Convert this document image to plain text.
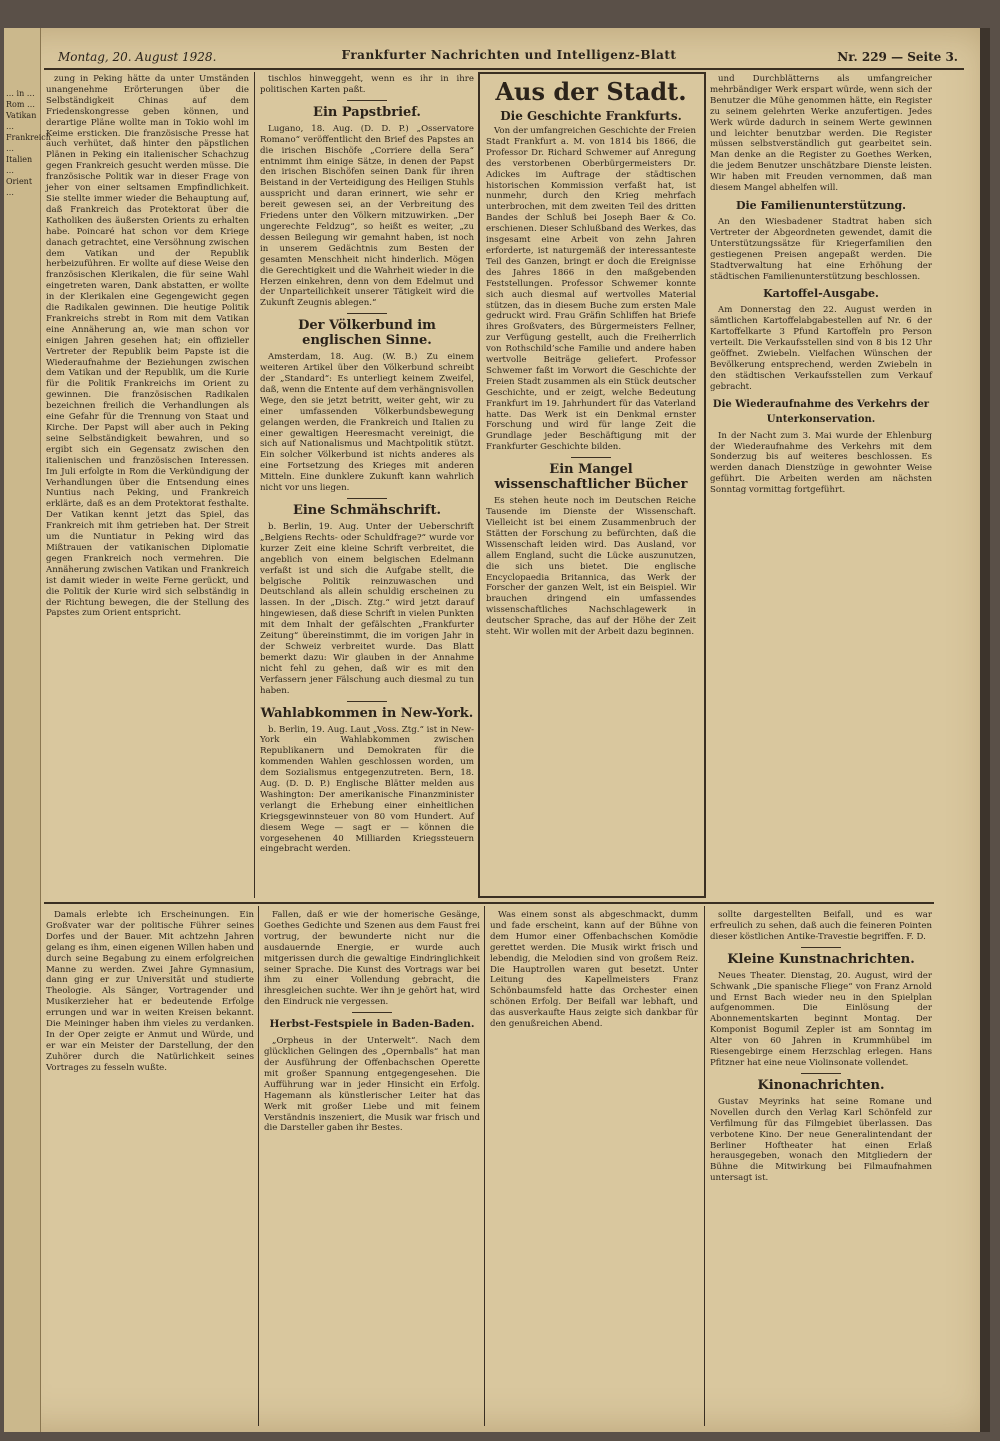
… in … Rom … Vatikan … Frankreich … Italien … Orient …
Montag, 20. August 1928.	Frankfurter Nachrichten und Intelligenz-Blatt	Nr. 229 — Seite 3.

zung in Peking hätte da unter Umständen unangenehme Erörterungen über die Selbständigkeit Chinas auf dem Friedenskongresse geben können, und derartige Pläne wollte man in Tokio wohl im Keime ersticken. Die französische Presse hat auch verhütet, daß hinter den päpstlichen Plänen in Peking ein italienischer Schachzug gegen Frankreich gesucht werden müsse. Die französische Politik war in dieser Frage von jeher von einer seltsamen Empfindlichkeit. Sie stellte immer wieder die Behauptung auf, daß Frankreich das Protektorat über die Katholiken des äußersten Orients zu erhalten habe. Poincaré hat schon vor dem Kriege danach getrachtet, eine Versöhnung zwischen dem Vatikan und der Republik herbeizuführen. Er wollte auf diese Weise den französischen Klerikalen, die für seine Wahl eingetreten waren, Dank abstatten, er wollte in der Klerikalen eine Gegengewicht gegen die Radikalen gewinnen. Die heutige Politik Frankreichs strebt in Rom mit dem Vatikan eine Annäherung an, wie man schon vor einigen Jahren gesehen hat; ein offizieller Vertreter der Republik beim Papste ist die Wiederaufnahme der Beziehungen zwischen dem Vatikan und der Republik, um die Kurie für die Politik Frankreichs im Orient zu gewinnen. Die französischen Radikalen bezeichnen freilich die Verhandlungen als eine Gefahr für die Trennung von Staat und Kirche. Der Papst will aber auch in Peking seine Selbständigkeit bewahren, und so ergibt sich ein Gegensatz zwischen den italienischen und französischen Interessen. Im Juli erfolgte in Rom die Verkündigung der Verhandlungen über die Entsendung eines Nuntius nach Peking, und Frankreich erklärte, daß es an dem Protektorat festhalte. Der Vatikan kennt jetzt das Spiel, das Frankreich mit ihm getrieben hat. Der Streit um die Nuntiatur in Peking wird das Mißtrauen der vatikanischen Diplomatie gegen Frankreich noch vermehren. Die Annäherung zwischen Vatikan und Frankreich ist damit wieder in weite Ferne gerückt, und die Politik der Kurie wird sich selbständig in der Richtung bewegen, die der Stellung des Papstes zum Orient entspricht.

tischlos hinweggeht, wenn es ihr in ihre politischen Karten paßt.

Ein Papstbrief.

Lugano, 18. Aug. (D. D. P.) „Osservatore Romano“ veröffentlicht den Brief des Papstes an die irischen Bischöfe „Corriere della Sera“ entnimmt ihm einige Sätze, in denen der Papst den irischen Bischöfen seinen Dank für ihren Beistand in der Verteidigung des Heiligen Stuhls ausspricht und daran erinnert, wie sehr er bereit gewesen sei, an der Verbreitung des Friedens unter den Völkern mitzuwirken. „Der ungerechte Feldzug“, so heißt es weiter, „zu dessen Beilegung wir gemahnt haben, ist noch in unserem Gedächtnis zum Besten der gesamten Menschheit nicht hinderlich. Mögen die Gerechtigkeit und die Wahrheit wieder in die Herzen einkehren, denn von dem Edelmut und der Unparteilichkeit unserer Tätigkeit wird die Zukunft Zeugnis ablegen.“

Der Völkerbund im englischen Sinne.

Amsterdam, 18. Aug. (W. B.) Zu einem weiteren Artikel über den Völkerbund schreibt der „Standard“: Es unterliegt keinem Zweifel, daß, wenn die Entente auf dem verhängnisvollen Wege, den sie jetzt betritt, weiter geht, wir zu einer umfassenden Völkerbundsbewegung gelangen werden, die Frankreich und Italien zu einer gewaltigen Heeresmacht vereinigt, die sich auf Nationalismus und Machtpolitik stützt. Ein solcher Völkerbund ist nichts anderes als eine Fortsetzung des Krieges mit anderen Mitteln. Eine dunklere Zukunft kann wahrlich nicht vor uns liegen.

Eine Schmähschrift.

b. Berlin, 19. Aug. Unter der Ueberschrift „Belgiens Rechts- oder Schuldfrage?“ wurde vor kurzer Zeit eine kleine Schrift verbreitet, die angeblich von einem belgischen Edelmann verfaßt ist und sich die Aufgabe stellt, die belgische Politik reinzuwaschen und Deutschland als allein schuldig erscheinen zu lassen. In der „Disch. Ztg.“ wird jetzt darauf hingewiesen, daß diese Schrift in vielen Punkten mit dem Inhalt der gefälschten „Frankfurter Zeitung“ übereinstimmt, die im vorigen Jahr in der Schweiz verbreitet wurde. Das Blatt bemerkt dazu: Wir glauben in der Annahme nicht fehl zu gehen, daß wir es mit den Verfassern jener Fälschung auch diesmal zu tun haben.

Wahlabkommen in New-York.

b. Berlin, 19. Aug. Laut „Voss. Ztg.“ ist in New-York ein Wahlabkommen zwischen Republikanern und Demokraten für die kommenden Wahlen geschlossen worden, um dem Sozialismus entgegenzutreten. Bern, 18. Aug. (D. D. P.) Englische Blätter melden aus Washington: Der amerikanische Finanzminister verlangt die Erhebung einer einheitlichen Kriegsgewinnsteuer von 80 vom Hundert. Auf diesem Wege — sagt er — können die vorgesehenen 40 Milliarden Kriegssteuern eingebracht werden.

Aus der Stadt.
Die Geschichte Frankfurts.

Von der umfangreichen Geschichte der Freien Stadt Frankfurt a. M. von 1814 bis 1866, die Professor Dr. Richard Schwemer auf Anregung des verstorbenen Oberbürgermeisters Dr. Adickes im Auftrage der städtischen historischen Kommission verfaßt hat, ist nunmehr, durch den Krieg mehrfach unterbrochen, mit dem zweiten Teil des dritten Bandes der Schluß bei Joseph Baer & Co. erschienen. Dieser Schlußband des Werkes, das insgesamt eine Arbeit von zehn Jahren erforderte, ist naturgemäß der interessanteste Teil des Ganzen, bringt er doch die Ereignisse des Jahres 1866 in den maßgebenden Feststellungen. Professor Schwemer konnte sich auch diesmal auf wertvolles Material stützen, das in diesem Buche zum ersten Male gedruckt wird. Frau Gräfin Schliffen hat Briefe ihres Großvaters, des Bürgermeisters Fellner, zur Verfügung gestellt, auch die Freiherrlich von Rothschild’sche Familie und andere haben wertvolle Beiträge geliefert. Professor Schwemer faßt im Vorwort die Geschichte der Freien Stadt zusammen als ein Stück deutscher Geschichte, und er zeigt, welche Bedeutung Frankfurt im 19. Jahrhundert für das Vaterland hatte. Das Werk ist ein Denkmal ernster Forschung und wird für lange Zeit die Grundlage jeder Beschäftigung mit der Frankfurter Geschichte bilden.

Ein Mangel wissenschaftlicher Bücher

Es stehen heute noch im Deutschen Reiche Tausende im Dienste der Wissenschaft. Vielleicht ist bei einem Zusammenbruch der Stätten der Forschung zu befürchten, daß die Wissenschaft leiden wird. Das Ausland, vor allem England, sucht die Lücke auszunutzen, die sich uns bietet. Die englische Encyclopaedia Britannica, das Werk der Forscher der ganzen Welt, ist ein Beispiel. Wir brauchen dringend ein umfassendes wissenschaftliches Nachschlagewerk in deutscher Sprache, das auf der Höhe der Zeit steht. Wir wollen mit der Arbeit dazu beginnen.

und Durchblätterns als umfangreicher mehrbändiger Werk erspart würde, wenn sich der Benutzer die Mühe genommen hätte, ein Register zu seinem gelehrten Werke anzufertigen. Jedes Werk würde dadurch in seinem Werte gewinnen und leichter benutzbar werden. Die Register müssen selbstverständlich gut gearbeitet sein. Man denke an die Register zu Goethes Werken, die jedem Benutzer unschätzbare Dienste leisten. Wir haben mit Freuden vernommen, daß man diesem Mangel abhelfen will.

Die Familienunterstützung.

An den Wiesbadener Stadtrat haben sich Vertreter der Abgeordneten gewendet, damit die Unterstützungssätze für Kriegerfamilien den gestiegenen Preisen angepaßt werden. Die Stadtverwaltung hat eine Erhöhung der städtischen Familienunterstützung beschlossen.

Kartoffel-Ausgabe.

Am Donnerstag den 22. August werden in sämtlichen Kartoffelabgabestellen auf Nr. 6 der Kartoffelkarte 3 Pfund Kartoffeln pro Person verteilt. Die Verkaufsstellen sind von 8 bis 12 Uhr geöffnet. Zwiebeln. Vielfachen Wünschen der Bevölkerung entsprechend, werden Zwiebeln in den städtischen Verkaufsstellen zum Verkauf gebracht.

Die Wiederaufnahme des Verkehrs der Unterkonservation.

In der Nacht zum 3. Mai wurde der Ehlenburg der Wiederaufnahme des Verkehrs mit dem Sonderzug bis auf weiteres beschlossen. Es werden danach Dienstzüge in gewohnter Weise geführt. Die Arbeiten werden am nächsten Sonntag vormittag fortgeführt.

Damals erlebte ich Erscheinungen. Ein Großvater war der politische Führer seines Dorfes und der Bauer. Mit achtzehn Jahren gelang es ihm, einen eigenen Willen haben und durch seine Begabung zu einem erfolgreichen Manne zu werden. Zwei Jahre Gymnasium, dann ging er zur Universität und studierte Theologie. Als Sänger, Vortragender und Musikerzieher hat er bedeutende Erfolge errungen und war in weiten Kreisen bekannt. Die Meininger haben ihm vieles zu verdanken. In der Oper zeigte er Anmut und Würde, und er war ein Meister der Darstellung, der den Zuhörer durch die Natürlichkeit seines Vortrages zu fesseln wußte.

Fallen, daß er wie der homerische Gesänge, Goethes Gedichte und Szenen aus dem Faust frei vortrug, der bewunderte nicht nur die ausdauernde Energie, er wurde auch mitgerissen durch die gewaltige Eindringlichkeit seiner Sprache. Die Kunst des Vortrags war bei ihm zu einer Vollendung gebracht, die ihresgleichen suchte. Wer ihn je gehört hat, wird den Eindruck nie vergessen.

Herbst-Festspiele in Baden-Baden.

„Orpheus in der Unterwelt“. Nach dem glücklichen Gelingen des „Opernballs“ hat man der Ausführung der Offenbachschen Operette mit großer Spannung entgegengesehen. Die Aufführung war in jeder Hinsicht ein Erfolg. Hagemann als künstlerischer Leiter hat das Werk mit großer Liebe und mit feinem Verständnis inszeniert, die Musik war frisch und die Darsteller gaben ihr Bestes.

Was einem sonst als abgeschmackt, dumm und fade erscheint, kann auf der Bühne von dem Humor einer Offenbachschen Komödie gerettet werden. Die Musik wirkt frisch und lebendig, die Melodien sind von großem Reiz. Die Hauptrollen waren gut besetzt. Unter Leitung des Kapellmeisters Franz Schönbaumsfeld hatte das Orchester einen schönen Erfolg. Der Beifall war lebhaft, und das ausverkaufte Haus zeigte sich dankbar für den genußreichen Abend.

sollte dargestellten Beifall, und es war erfreulich zu sehen, daß auch die feineren Pointen dieser köstlichen Antike-Travestie begriffen. F. D.

Kleine Kunstnachrichten.

Neues Theater. Dienstag, 20. August, wird der Schwank „Die spanische Fliege“ von Franz Arnold und Ernst Bach wieder neu in den Spielplan aufgenommen. Die Einlösung der Abonnementskarten beginnt Montag. Der Komponist Bogumil Zepler ist am Sonntag im Alter von 60 Jahren in Krummhübel im Riesengebirge einem Herzschlag erlegen. Hans Pfitzner hat eine neue Violinsonate vollendet.

Kinonachrichten.

Gustav Meyrinks hat seine Romane und Novellen durch den Verlag Karl Schönfeld zur Verfilmung für das Filmgebiet überlassen. Das verbotene Kino. Der neue Generalintendant der Berliner Hoftheater hat einen Erlaß herausgegeben, wonach den Mitgliedern der Bühne die Mitwirkung bei Filmaufnahmen untersagt ist.
